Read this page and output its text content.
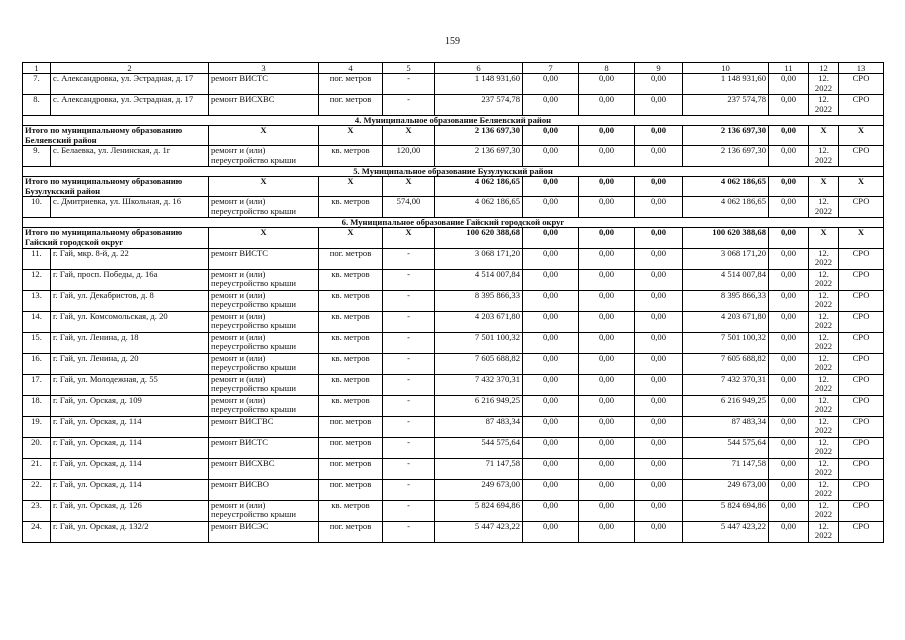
159
1	2	3	4	5	6	7	8	9	10	11	12	13
7.	с. Александровка, ул. Эстрадная, д. 17	ремонт ВИСТС	пог. метров	-	1 148 931,60	0,00	0,00	0,00	1 148 931,60	0,00	12. 2022	СРО
8.	с. Александровка, ул. Эстрадная, д. 17	ремонт ВИСХВС	пог. метров	-	237 574,78	0,00	0,00	0,00	237 574,78	0,00	12. 2022	СРО
4. Муниципальное образование Беляевский район												
Итого по муниципальному образованию Беляевский район		X	X	X	2 136 697,30	0,00	0,00	0,00	2 136 697,30	0,00	X	X
9.	с. Белаевка, ул. Ленинская, д. 1г	ремонт и (или) переустройство крыши	кв. метров	120,00	2 136 697,30	0,00	0,00	0,00	2 136 697,30	0,00	12. 2022	СРО
5. Муниципальное образование Бузулукский район												
Итого по муниципальному образованию Бузулукский район		X	X	X	4 062 186,65	0,00	0,00	0,00	4 062 186,65	0,00	X	X
10.	с. Дмитриевка, ул. Школьная, д. 16	ремонт и (или) переустройство крыши	кв. метров	574,00	4 062 186,65	0,00	0,00	0,00	4 062 186,65	0,00	12. 2022	СРО
6. Муниципальное образование Гайский городской округ												
Итого по муниципальному образованию Гайский городской округ		X	X	X	100 620 388,68	0,00	0,00	0,00	100 620 388,68	0,00	X	X
11.	г. Гай, мкр. 8-й, д. 22	ремонт ВИСТС	пог. метров	-	3 068 171,20	0,00	0,00	0,00	3 068 171,20	0,00	12. 2022	СРО
12.	г. Гай, просп. Победы, д. 16а	ремонт и (или) переустройство крыши	кв. метров	-	4 514 007,84	0,00	0,00	0,00	4 514 007,84	0,00	12. 2022	СРО
13.	г. Гай, ул. Декабристов, д. 8	ремонт и (или) переустройство крыши	кв. метров	-	8 395 866,33	0,00	0,00	0,00	8 395 866,33	0,00	12. 2022	СРО
14.	г. Гай, ул. Комсомольская, д. 20	ремонт и (или) переустройство крыши	кв. метров	-	4 203 671,80	0,00	0,00	0,00	4 203 671,80	0,00	12. 2022	СРО
15.	г. Гай, ул. Ленина, д. 18	ремонт и (или) переустройство крыши	кв. метров	-	7 501 100,32	0,00	0,00	0,00	7 501 100,32	0,00	12. 2022	СРО
16.	г. Гай, ул. Ленина, д. 20	ремонт и (или) переустройство крыши	кв. метров	-	7 605 688,82	0,00	0,00	0,00	7 605 688,82	0,00	12. 2022	СРО
17.	г. Гай, ул. Молодежная, д. 55	ремонт и (или) переустройство крыши	кв. метров	-	7 432 370,31	0,00	0,00	0,00	7 432 370,31	0,00	12. 2022	СРО
18.	г. Гай, ул. Орская, д. 109	ремонт и (или) переустройство крыши	кв. метров	-	6 216 949,25	0,00	0,00	0,00	6 216 949,25	0,00	12. 2022	СРО
19.	г. Гай, ул. Орская, д. 114	ремонт ВИСГВС	пог. метров	-	87 483,34	0,00	0,00	0,00	87 483,34	0,00	12. 2022	СРО
20.	г. Гай, ул. Орская, д. 114	ремонт ВИСТС	пог. метров	-	544 575,64	0,00	0,00	0,00	544 575,64	0,00	12. 2022	СРО
21.	г. Гай, ул. Орская, д. 114	ремонт ВИСХВС	пог. метров	-	71 147,58	0,00	0,00	0,00	71 147,58	0,00	12. 2022	СРО
22.	г. Гай, ул. Орская, д. 114	ремонт ВИСВО	пог. метров	-	249 673,00	0,00	0,00	0,00	249 673,00	0,00	12. 2022	СРО
23.	г. Гай, ул. Орская, д. 126	ремонт и (или) переустройство крыши	кв. метров	-	5 824 694,86	0,00	0,00	0,00	5 824 694,86	0,00	12. 2022	СРО
24.	г. Гай, ул. Орская, д. 132/2	ремонт ВИСЭС	пог. метров	-	5 447 423,22	0,00	0,00	0,00	5 447 423,22	0,00	12. 2022	СРО
